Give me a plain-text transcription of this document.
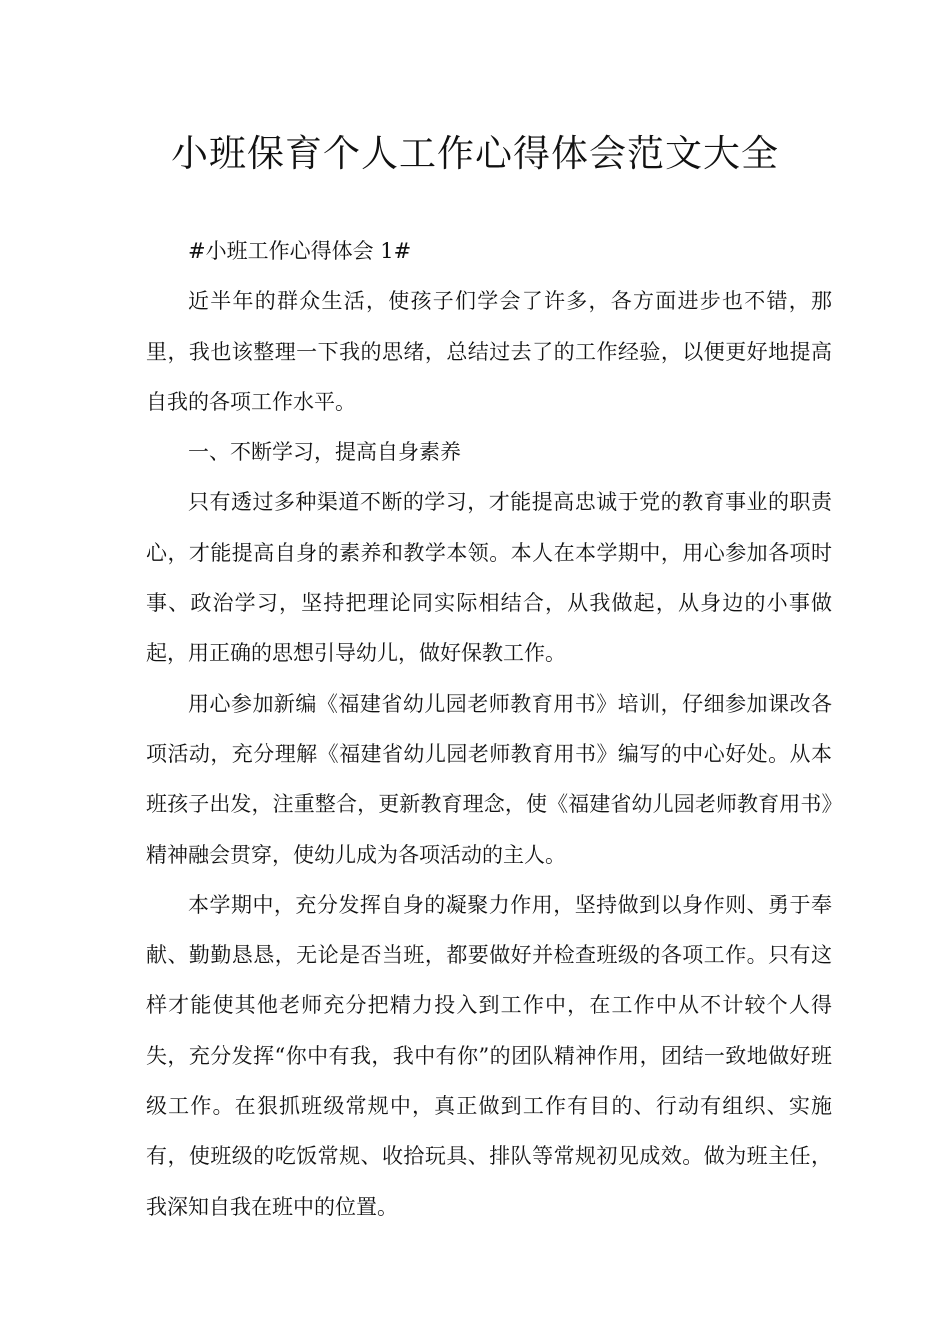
小班保育个人工作心得体会范文大全

#小班工作心得体会 1#

近半年的群众生活，使孩子们学会了许多，各方面进步也不错，那里，我也该整理一下我的思绪，总结过去了的工作经验，以便更好地提高自我的各项工作水平。

一、不断学习，提高自身素养

只有透过多种渠道不断的学习，才能提高忠诚于党的教育事业的职责心，才能提高自身的素养和教学本领。本人在本学期中，用心参加各项时事、政治学习，坚持把理论同实际相结合，从我做起，从身边的小事做起，用正确的思想引导幼儿，做好保教工作。

用心参加新编《福建省幼儿园老师教育用书》培训，仔细参加课改各项活动，充分理解《福建省幼儿园老师教育用书》编写的中心好处。从本班孩子出发，注重整合，更新教育理念，使《福建省幼儿园老师教育用书》精神融会贯穿，使幼儿成为各项活动的主人。

本学期中，充分发挥自身的凝聚力作用，坚持做到以身作则、勇于奉献、勤勤恳恳，无论是否当班，都要做好并检查班级的各项工作。只有这样才能使其他老师充分把精力投入到工作中，在工作中从不计较个人得失，充分发挥“你中有我，我中有你”的团队精神作用，团结一致地做好班级工作。在狠抓班级常规中，真正做到工作有目的、行动有组织、实施有，使班级的吃饭常规、收拾玩具、排队等常规初见成效。做为班主任，我深知自我在班中的位置。
